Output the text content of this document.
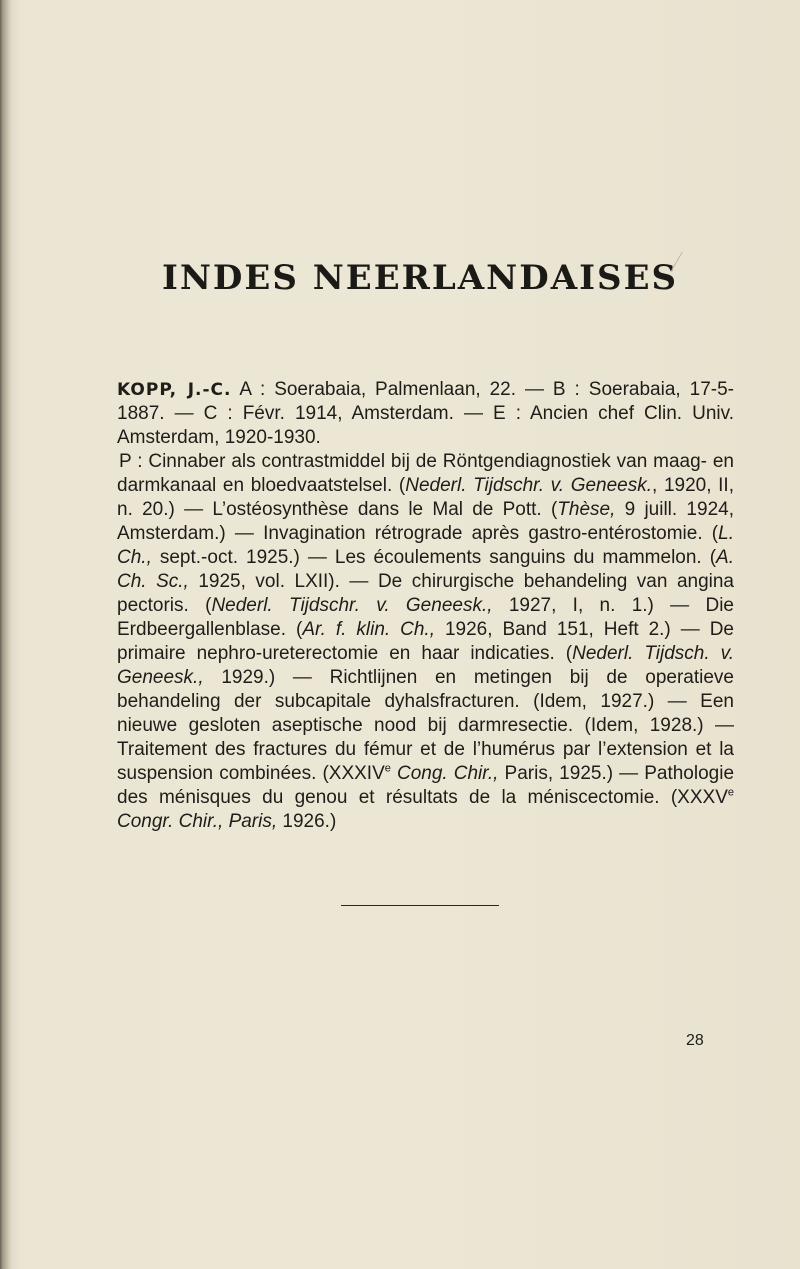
INDES NEERLANDAISES

KOPP, J.-C. A : Soerabaia, Palmenlaan, 22. — B : Soerabaia, 17-5-1887. — C : Févr. 1914, Amsterdam. — E : Ancien chef Clin. Univ. Amsterdam, 1920-1930.

P : Cinnaber als contrastmiddel bij de Röntgendiagnostiek van maag- en darmkanaal en bloedvaatstelsel. (Nederl. Tijdschr. v. Geneesk., 1920, II, n. 20.) — L’ostéosynthèse dans le Mal de Pott. (Thèse, 9 juill. 1924, Amsterdam.) — Invagination rétrograde après gastro-entérostomie. (L. Ch., sept.-oct. 1925.) — Les écoulements sanguins du mammelon. (A. Ch. Sc., 1925, vol. LXII). — De chirurgische behandeling van angina pectoris. (Nederl. Tijdschr. v. Geneesk., 1927, I, n. 1.) — Die Erdbeergallenblase. (Ar. f. klin. Ch., 1926, Band 151, Heft 2.) — De primaire nephro-ureterectomie en haar indicaties. (Nederl. Tijdsch. v. Geneesk., 1929.) — Richtlijnen en metingen bij de operatieve behandeling der subcapitale dyhalsfracturen. (Idem, 1927.) — Een nieuwe gesloten aseptische nood bij darmresectie. (Idem, 1928.) — Traitement des fractures du fémur et de l’humérus par l’extension et la suspension combinées. (XXXIVe Cong. Chir., Paris, 1925.) — Pathologie des ménisques du genou et résultats de la méniscectomie. (XXXVe Congr. Chir., Paris, 1926.)

28
